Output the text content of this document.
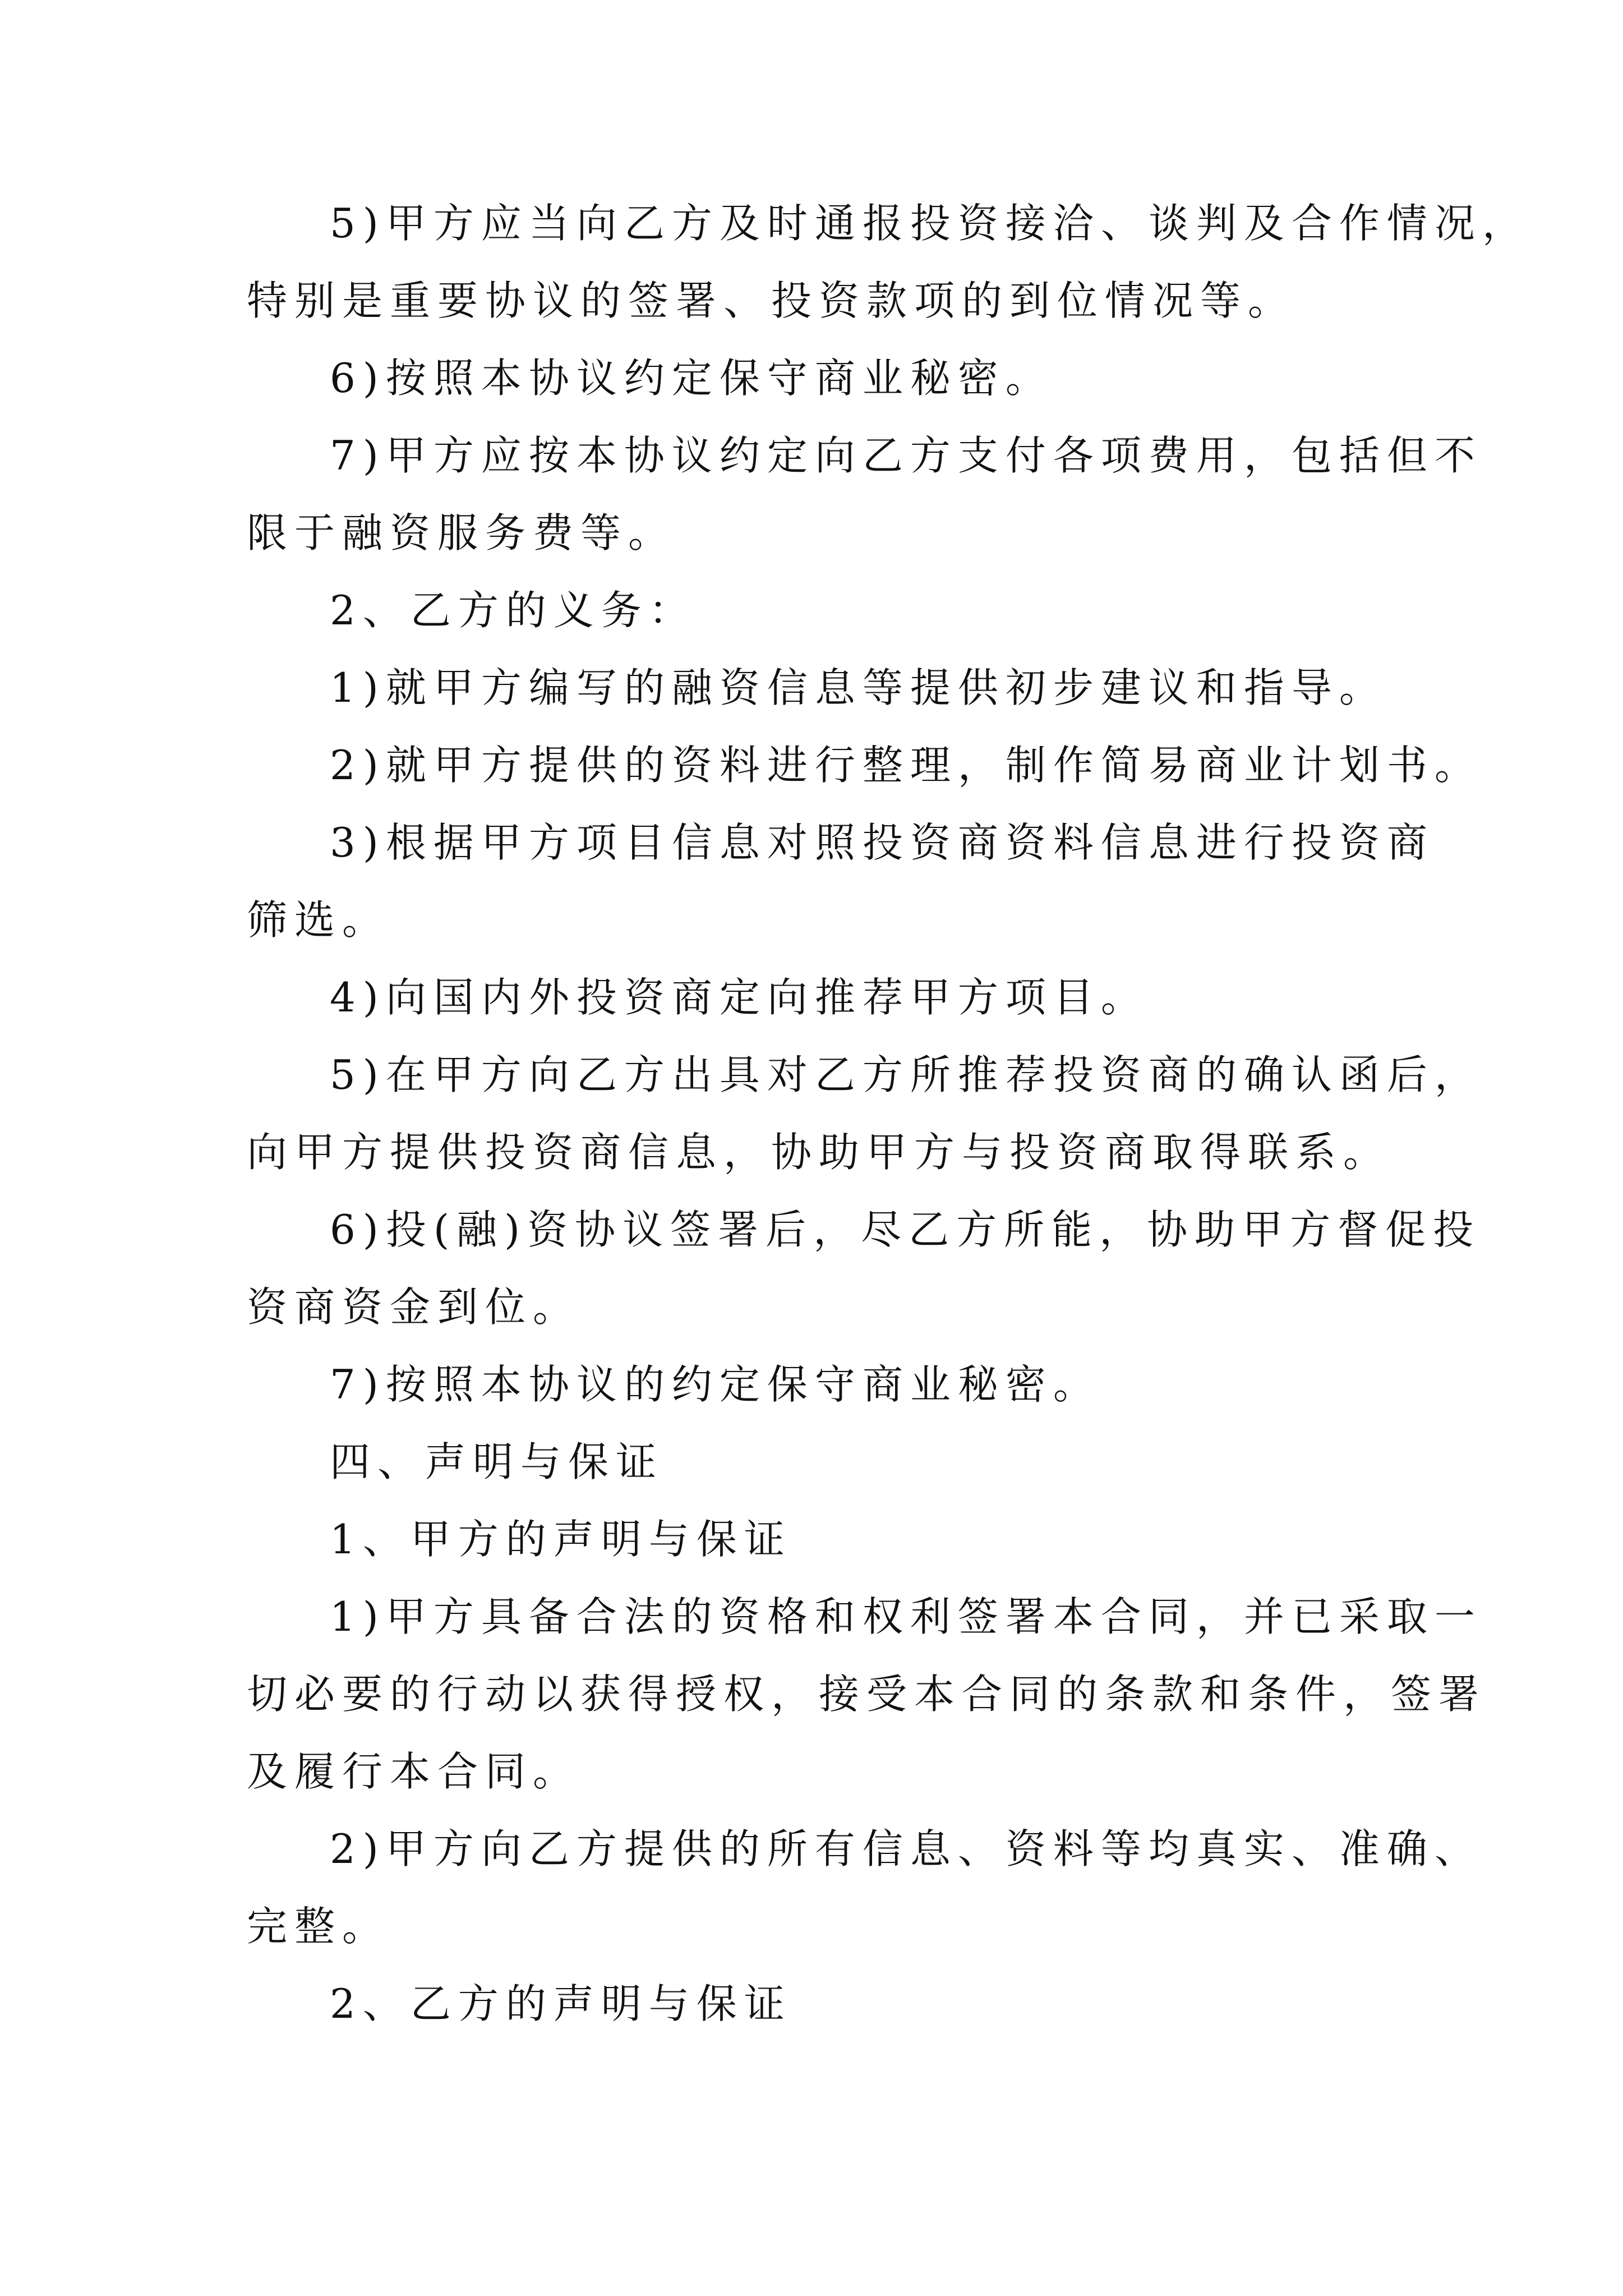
5)甲方应当向乙方及时通报投资接洽、谈判及合作情况，
特别是重要协议的签署、投资款项的到位情况等。
6)按照本协议约定保守商业秘密。
7)甲方应按本协议约定向乙方支付各项费用，包括但不
限于融资服务费等。
2、乙方的义务：
1)就甲方编写的融资信息等提供初步建议和指导。
2)就甲方提供的资料进行整理，制作简易商业计划书。
3)根据甲方项目信息对照投资商资料信息进行投资商
筛选。
4)向国内外投资商定向推荐甲方项目。
5)在甲方向乙方出具对乙方所推荐投资商的确认函后，
向甲方提供投资商信息，协助甲方与投资商取得联系。
6)投(融)资协议签署后，尽乙方所能，协助甲方督促投
资商资金到位。
7)按照本协议的约定保守商业秘密。
四、声明与保证
1、甲方的声明与保证
1)甲方具备合法的资格和权利签署本合同，并已采取一
切必要的行动以获得授权，接受本合同的条款和条件，签署
及履行本合同。
2)甲方向乙方提供的所有信息、资料等均真实、准确、
完整。
2、乙方的声明与保证
